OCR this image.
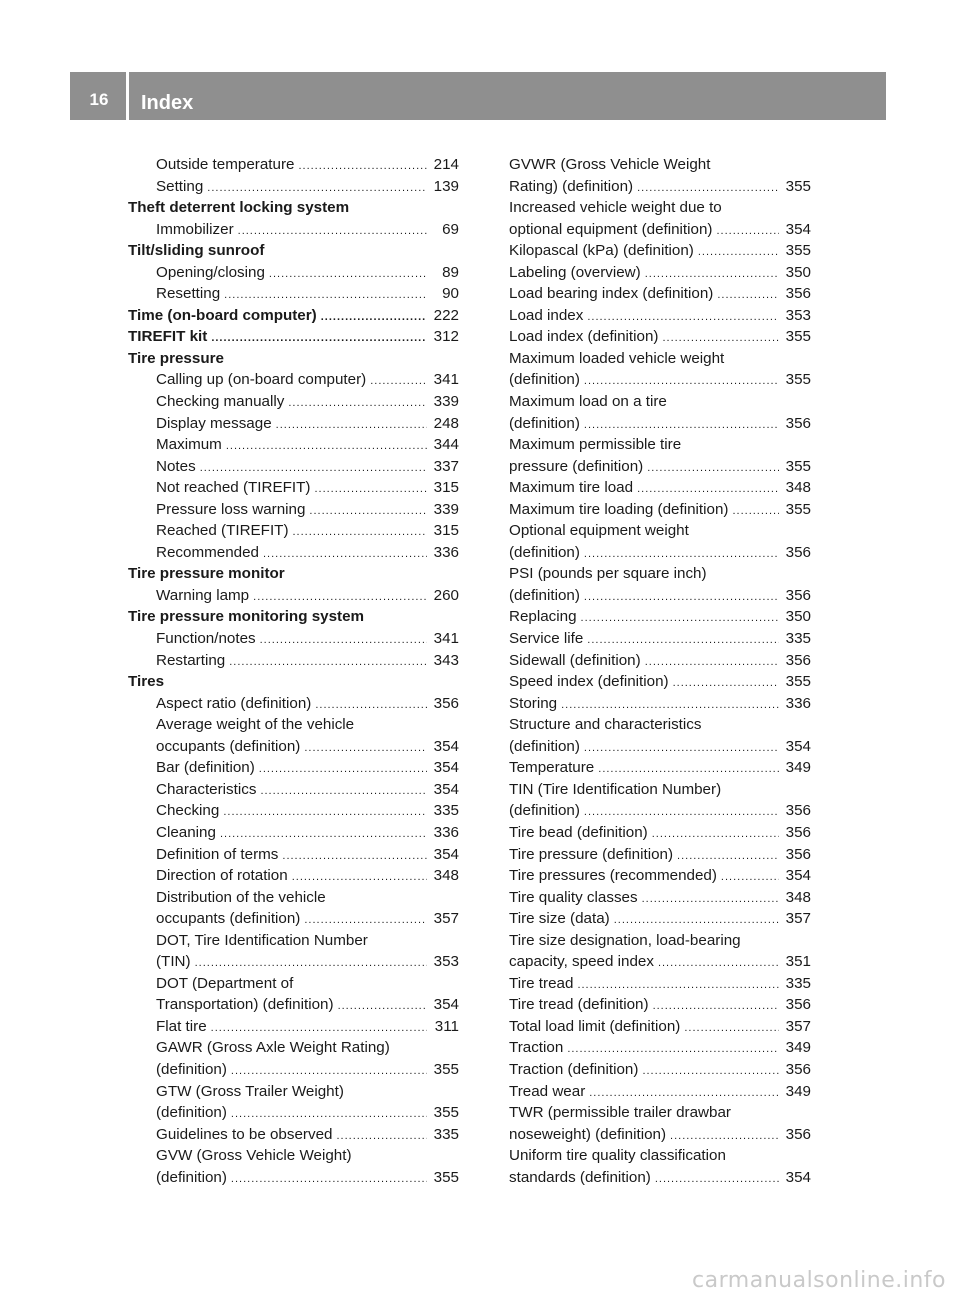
16	Index
Outside temperature .....	214
Setting .....	139
Theft deterrent locking system
Immobilizer .....	69
Tilt/sliding sunroof
Opening/closing .....	89
Resetting .....	90
Time (on-board computer) .....	222
TIREFIT kit .....	312
Tire pressure
Calling up (on-board computer) .....	341
Checking manually .....	339
Display message .....	248
Maximum .....	344
Notes .....	337
Not reached (TIREFIT) .....	315
Pressure loss warning .....	339
Reached (TIREFIT) .....	315
Recommended .....	336
Tire pressure monitor
Warning lamp .....	260
Tire pressure monitoring system
Function/notes .....	341
Restarting .....	343
Tires
Aspect ratio (definition) .....	356
Average weight of the vehicle
occupants (definition) .....	354
Bar (definition) .....	354
Characteristics .....	354
Checking .....	335
Cleaning .....	336
Definition of terms .....	354
Direction of rotation .....	348
Distribution of the vehicle
occupants (definition) .....	357
DOT, Tire Identification Number
(TIN) .....	353
DOT (Department of
Transportation) (definition) .....	354
Flat tire .....	311
GAWR (Gross Axle Weight Rating)
(definition) .....	355
GTW (Gross Trailer Weight)
(definition) .....	355
Guidelines to be observed .....	335
GVW (Gross Vehicle Weight)
(definition) .....	355
GVWR (Gross Vehicle Weight
Rating) (definition) .....	355
Increased vehicle weight due to
optional equipment (definition) .....	354
Kilopascal (kPa) (definition) .....	355
Labeling (overview) .....	350
Load bearing index (definition) .....	356
Load index .....	353
Load index (definition) .....	355
Maximum loaded vehicle weight
(definition) .....	355
Maximum load on a tire
(definition) .....	356
Maximum permissible tire
pressure (definition) .....	355
Maximum tire load .....	348
Maximum tire loading (definition) .....	355
Optional equipment weight
(definition) .....	356
PSI (pounds per square inch)
(definition) .....	356
Replacing .....	350
Service life .....	335
Sidewall (definition) .....	356
Speed index (definition) .....	355
Storing .....	336
Structure and characteristics
(definition) .....	354
Temperature .....	349
TIN (Tire Identification Number)
(definition) .....	356
Tire bead (definition) .....	356
Tire pressure (definition) .....	356
Tire pressures (recommended) .....	354
Tire quality classes .....	348
Tire size (data) .....	357
Tire size designation, load-bearing
capacity, speed index .....	351
Tire tread .....	335
Tire tread (definition) .....	356
Total load limit (definition) .....	357
Traction .....	349
Traction (definition) .....	356
Tread wear .....	349
TWR (permissible trailer drawbar
noseweight) (definition) .....	356
Uniform tire quality classification
standards (definition) .....	354
carmanualsonline.info
